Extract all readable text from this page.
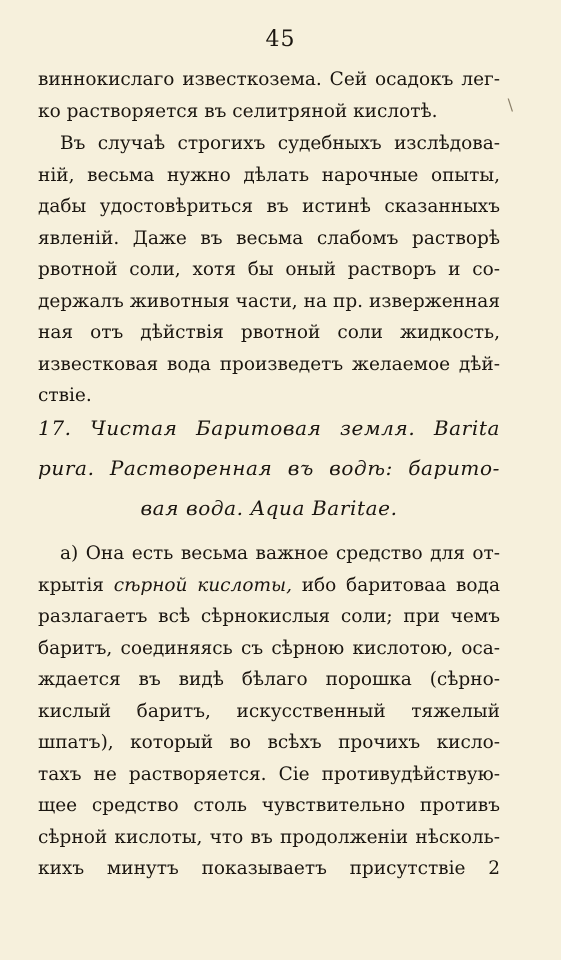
45
виннокислаго известкоземa. Сей осадокъ лег-
ко растворяется въ селитряной кислотѣ.	\
Въ случаѣ строгихъ судебныхъ изслѣдова-
ній, весьма нужно дѣлать нарочные опыты,
дабы удостовѣриться въ истинѣ сказанныхъ
явленій. Даже въ весьма слабомъ растворѣ
рвотной соли, хотя бы оный растворъ и со-
держалъ животныя части, на пр. изверженная
ная отъ дѣйствія рвотной соли жидкость,
известковая вода произведетъ желаемое дѣй-
ствіе.
17. Чистая Баритовая земля. Barita
pura. Растворенная въ водѣ: барито-
вая вода. Aqua Baritae.
a) Она есть весьма важное средство для от-
крытія сѣрной кислоты, ибо баритоваа вода
разлагаетъ всѣ сѣрнокислыя соли; при чемъ
баритъ, соединяясь съ сѣрною кислотою, оса-
ждается въ видѣ бѣлаго порошка (сѣрно-
кислый баритъ, искусственный тяжелый
шпатъ), который во всѣхъ прочихъ кисло-
тахъ не растворяется. Сіе противудѣйствую-
щее средство столь чувствительно противъ
сѣрной кислоты, что въ продолженіи нѣсколь-
кихъ минутъ показываетъ присутствіе 2
